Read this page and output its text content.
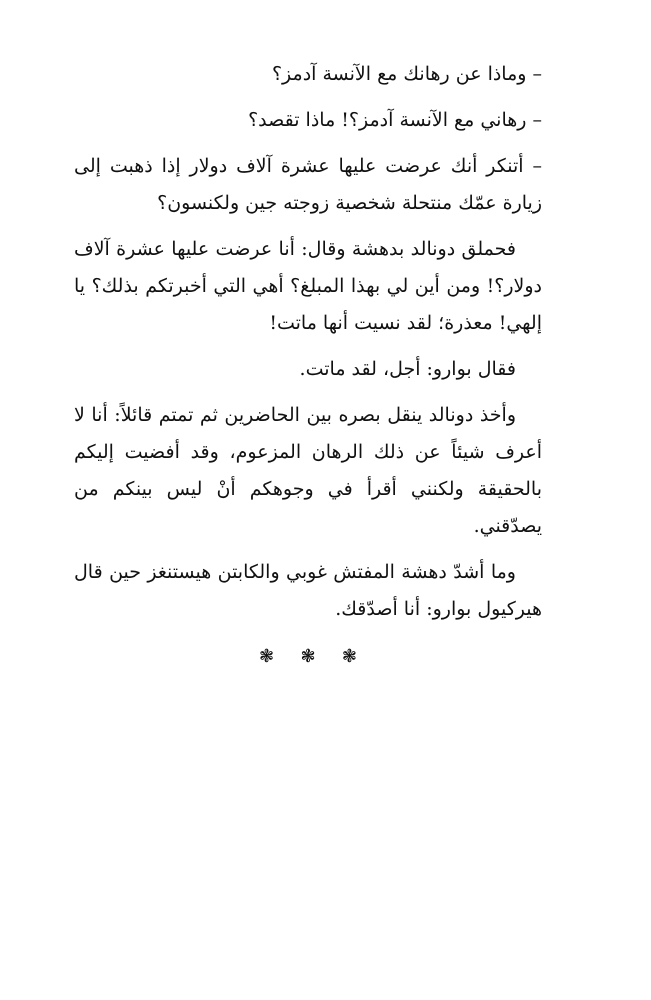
– وماذا عن رهانك مع الآنسة آدمز؟

– رهاني مع الآنسة آدمز؟! ماذا تقصد؟

– أتنكر أنك عرضت عليها عشرة آلاف دولار إذا ذهبت إلى زيارة عمّك منتحلة شخصية زوجته جين ولكنسون؟

فحملق دونالد بدهشة وقال: أنا عرضت عليها عشرة آلاف دولار؟! ومن أين لي بهذا المبلغ؟ أهي التي أخبرتكم بذلك؟ يا إلهي! معذرة؛ لقد نسيت أنها ماتت!

فقال بوارو: أجل، لقد ماتت.

وأخذ دونالد ينقل بصره بين الحاضرين ثم تمتم قائلاً: أنا لا أعرف شيئاً عن ذلك الرهان المزعوم، وقد أفضيت إليكم بالحقيقة ولكنني أقرأ في وجوهكم أنْ ليس بينكم من يصدّقني.

وما أشدّ دهشة المفتش غوبي والكابتن هيستنغز حين قال هيركيول بوارو: أنا أصدّقك.

❃ ❃ ❃
